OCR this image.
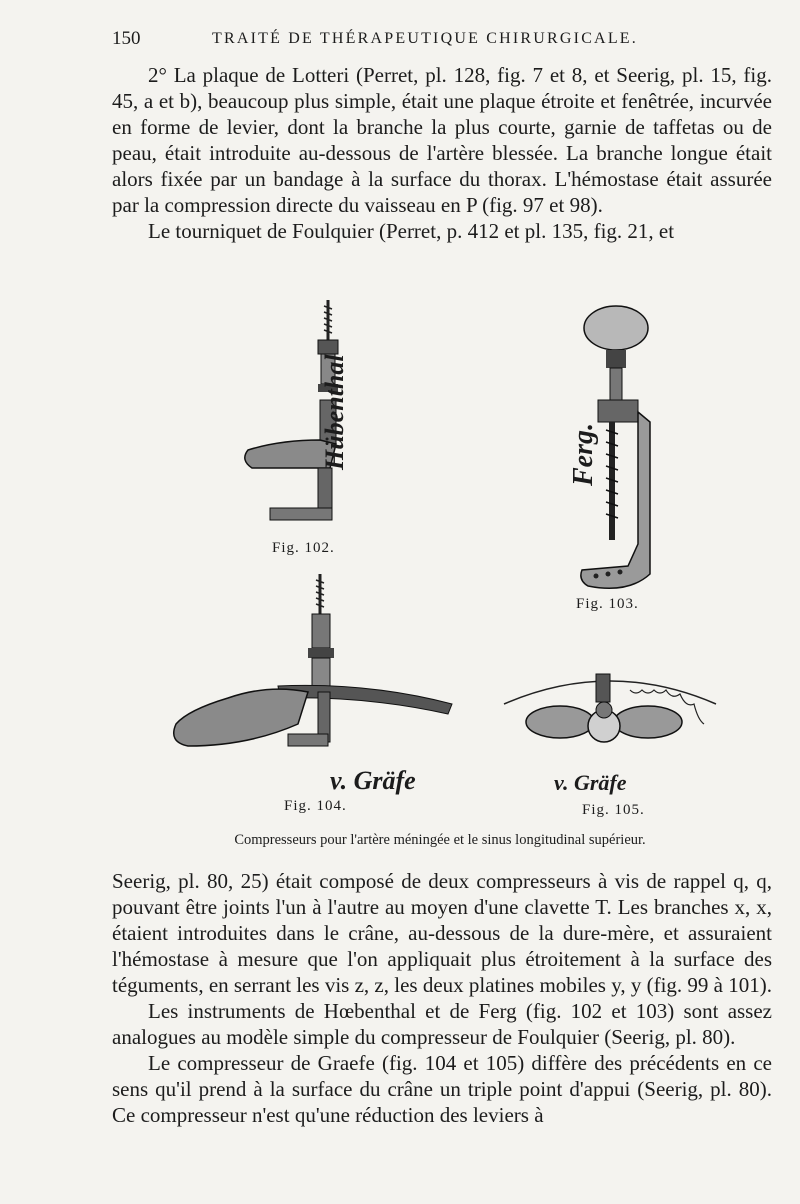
150	TRAITÉ DE THÉRAPEUTIQUE CHIRURGICALE.

2° La plaque de Lotteri (Perret, pl. 128, fig. 7 et 8, et Seerig, pl. 15, fig. 45, a et b), beaucoup plus simple, était une plaque étroite et fenêtrée, incurvée en forme de levier, dont la branche la plus courte, garnie de taffetas ou de peau, était introduite au-dessous de l'artère blessée. La branche longue était alors fixée par un bandage à la surface du thorax. L'hémostase était assurée par la compression directe du vaisseau en P (fig. 97 et 98).

Le tourniquet de Foulquier (Perret, p. 412 et pl. 135, fig. 21, et

Hübenthal
Fig. 102.
Ferg.
Fig. 103.
v. Gräfe
Fig. 104.
v. Gräfe
Fig. 105.
Compresseurs pour l'artère méningée et le sinus longitudinal supérieur.

Seerig, pl. 80, 25) était composé de deux compresseurs à vis de rappel q, q, pouvant être joints l'un à l'autre au moyen d'une clavette T. Les branches x, x, étaient introduites dans le crâne, au-dessous de la dure-mère, et assuraient l'hémostase à mesure que l'on appliquait plus étroitement à la surface des téguments, en serrant les vis z, z, les deux platines mobiles y, y (fig. 99 à 101).

Les instruments de Hœbenthal et de Ferg (fig. 102 et 103) sont assez analogues au modèle simple du compresseur de Foulquier (Seerig, pl. 80).

Le compresseur de Graefe (fig. 104 et 105) diffère des précédents en ce sens qu'il prend à la surface du crâne un triple point d'appui (Seerig, pl. 80). Ce compresseur n'est qu'une réduction des leviers à
